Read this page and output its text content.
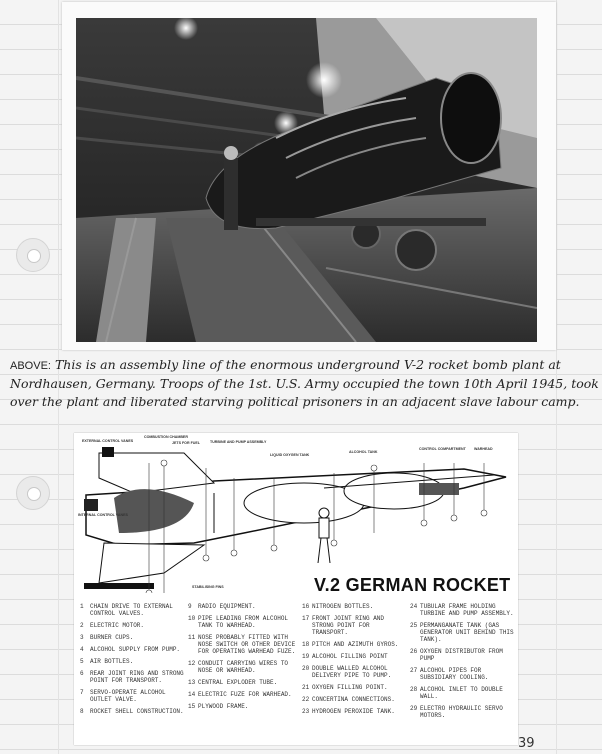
ABOVE: This is an assembly line of the enormous underground V-2 rocket bomb plant at Nordhausen, Germany. Troops of the 1st. U.S. Army occupied the town 10th April 1945, took over the plant and liberated starving political prisoners in an adjacent slave labour camp.
EXTERNAL CONTROL VANES
COMBUSTION CHAMBER
JETS FOR FUEL	TURBINE AND PUMP ASSEMBLY
LIQUID OXYGEN TANK
ALCOHOL TANK
CONTROL COMPARTMENT WARHEAD
INTERNAL CONTROL VANES
STABILISING FINS	V.2 GERMAN ROCKET
1	CHAIN DRIVE TO EXTERNAL CONTROL VALVES.
2	ELECTRIC MOTOR.
3	BURNER CUPS.
4	ALCOHOL SUPPLY FROM PUMP.
5	AIR BOTTLES.
6	REAR JOINT RING AND STRONG POINT FOR TRANSPORT.
7	SERVO-OPERATE ALCOHOL OUTLET VALVE.
8	ROCKET SHELL CONSTRUCTION.
9	RADIO EQUIPMENT.
10 PIPE LEADING FROM ALCOHOL TANK TO WARHEAD.
11 NOSE PROBABLY FITTED WITH NOSE SWITCH OR OTHER DEVICE FOR OPERATING WARHEAD FUZE.
12 CONDUIT CARRYING WIRES TO NOSE OR WARHEAD.
13 CENTRAL EXPLODER TUBE.
14 ELECTRIC FUZE FOR WARHEAD.
15 PLYWOOD FRAME.
16 NITROGEN BOTTLES.
17 FRONT JOINT RING AND STRONG POINT FOR TRANSPORT.
18 PITCH AND AZIMUTH GYROS.
19 ALCOHOL FILLING POINT
20 DOUBLE WALLED ALCOHOL DELIVERY PIPE TO PUMP.
21 OXYGEN FILLING POINT.
22 CONCERTINA CONNECTIONS.
23 HYDROGEN PEROXIDE TANK.
24 TUBULAR FRAME HOLDING TURBINE AND PUMP ASSEMBLY.
25 PERMANGANATE TANK (GAS GENERATOR UNIT BEHIND THIS TANK).
26 OXYGEN DISTRIBUTOR FROM PUMP
27 ALCOHOL PIPES FOR SUBSIDIARY COOLING.
28 ALCOHOL INLET TO DOUBLE WALL.
29 ELECTRO HYDRAULIC SERVO MOTORS.
39
